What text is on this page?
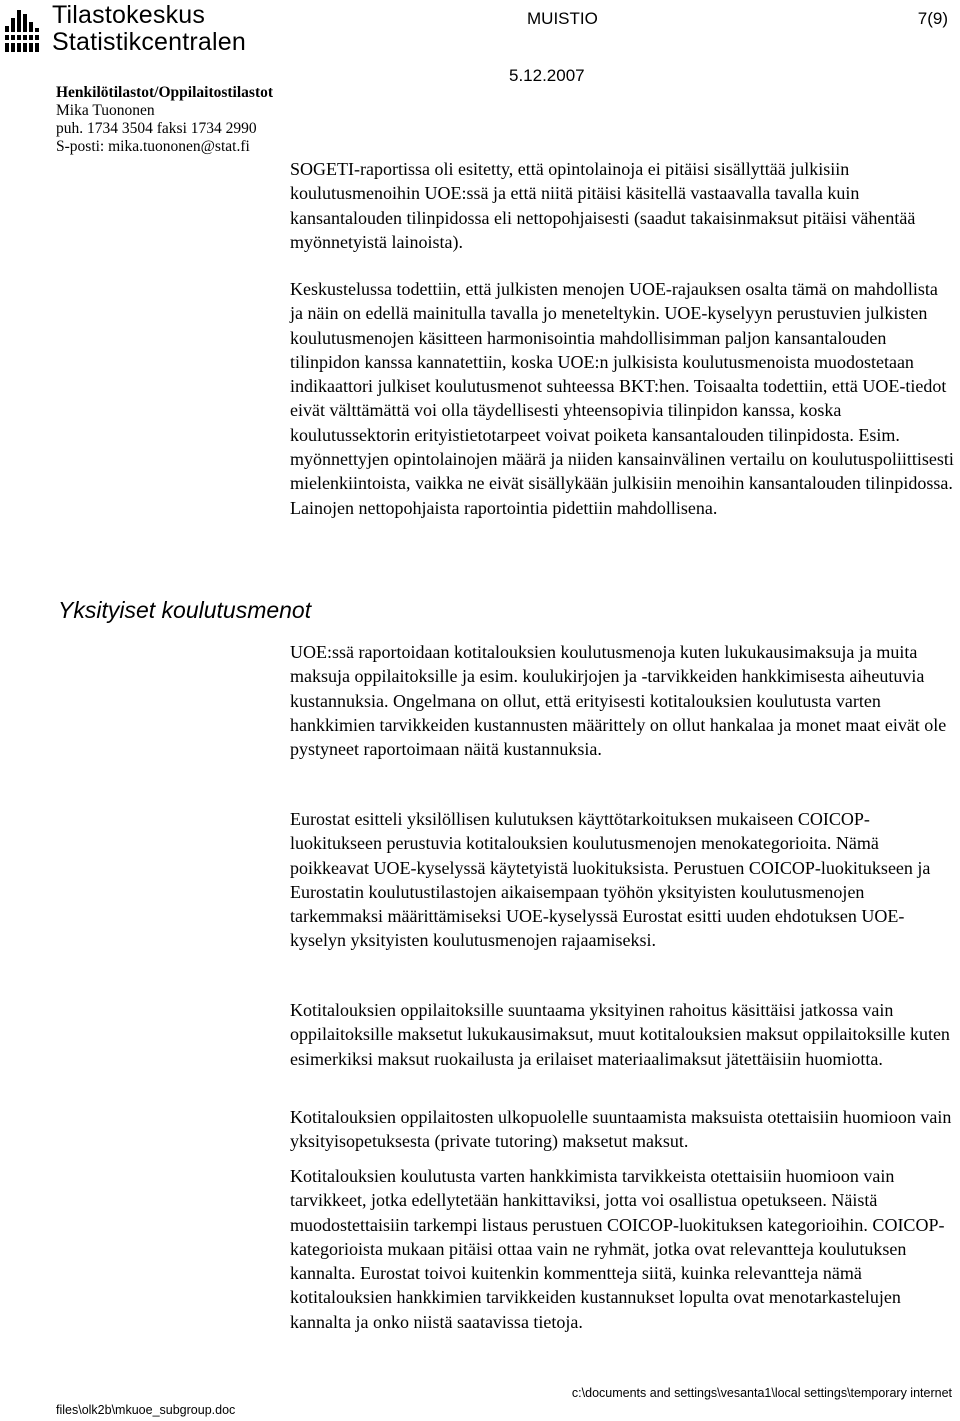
Tilastokeskus
Statistikcentralen
MUISTIO	7(9)
5.12.2007
Henkilötilastot/Oppilaitostilastot
Mika Tuononen
puh. 1734 3504 faksi 1734 2990
S-posti: mika.tuononen@stat.fi
Yksityiset koulutusmenot

SOGETI-raportissa oli esitetty, että opintolainoja ei pitäisi sisällyttää julkisiin koulutusmenoihin UOE:ssä ja että niitä pitäisi käsitellä vastaavalla tavalla kuin kansantalouden tilinpidossa eli nettopohjaisesti (saadut takaisinmaksut pitäisi vähentää myönnetyistä lainoista).

Keskustelussa todettiin, että julkisten menojen UOE-rajauksen osalta tämä on mahdollista ja näin on edellä mainitulla tavalla jo meneteltykin. UOE-kyselyyn perustuvien julkisten koulutusmenojen käsitteen harmonisointia mahdollisimman paljon kansantalouden tilinpidon kanssa kannatettiin, koska UOE:n julkisista koulutusmenoista muodostetaan indikaattori julkiset koulutusmenot suhteessa BKT:hen. Toisaalta todettiin, että UOE-tiedot eivät välttämättä voi olla täydellisesti yhteensopivia tilinpidon kanssa, koska koulutussektorin erityistietotarpeet voivat poiketa kansantalouden tilinpidosta. Esim. myönnettyjen opintolainojen määrä ja niiden kansainvälinen vertailu on koulutuspoliittisesti mielenkiintoista, vaikka ne eivät sisällykään julkisiin menoihin kansantalouden tilinpidossa. Lainojen nettopohjaista raportointia pidettiin mahdollisena.

UOE:ssä raportoidaan kotitalouksien koulutusmenoja kuten lukukausimaksuja ja muita maksuja oppilaitoksille ja esim. koulukirjojen ja -tarvikkeiden hankkimisesta aiheutuvia kustannuksia. Ongelmana on ollut, että erityisesti kotitalouksien koulutusta varten hankkimien tarvikkeiden kustannusten määrittely on ollut hankalaa ja monet maat eivät ole pystyneet raportoimaan näitä kustannuksia.

Eurostat esitteli yksilöllisen kulutuksen käyttötarkoituksen mukaiseen COICOP-luokitukseen perustuvia kotitalouksien koulutusmenojen menokategorioita. Nämä poikkeavat UOE-kyselyssä käytetyistä luokituksista. Perustuen COICOP-luokitukseen ja Eurostatin koulutustilastojen aikaisempaan työhön yksityisten koulutusmenojen tarkemmaksi määrittämiseksi UOE-kyselyssä Eurostat esitti uuden ehdotuksen UOE-kyselyn yksityisten koulutusmenojen rajaamiseksi.

Kotitalouksien oppilaitoksille suuntaama yksityinen rahoitus käsittäisi jatkossa vain oppilaitoksille maksetut lukukausimaksut, muut kotitalouksien maksut oppilaitoksille kuten esimerkiksi maksut ruokailusta ja erilaiset materiaalimaksut jätettäisiin huomiotta.

Kotitalouksien oppilaitosten ulkopuolelle suuntaamista maksuista otettaisiin huomioon vain yksityisopetuksesta (private tutoring) maksetut maksut.

Kotitalouksien koulutusta varten hankkimista tarvikkeista otettaisiin huomioon vain tarvikkeet, jotka edellytetään hankittaviksi, jotta voi osallistua opetukseen. Näistä muodostettaisiin tarkempi listaus perustuen COICOP-luokituksen kategorioihin. COICOP-kategorioista mukaan pitäisi ottaa vain ne ryhmät, jotka ovat relevantteja koulutuksen kannalta. Eurostat toivoi kuitenkin kommentteja siitä, kuinka relevantteja nämä kotitalouksien hankkimien tarvikkeiden kustannukset lopulta ovat menotarkastelujen kannalta ja onko niistä saatavissa tietoja.

files\olk2b\mkuoe_subgroup.doc
c:\documents and settings\vesanta1\local settings\temporary internet
